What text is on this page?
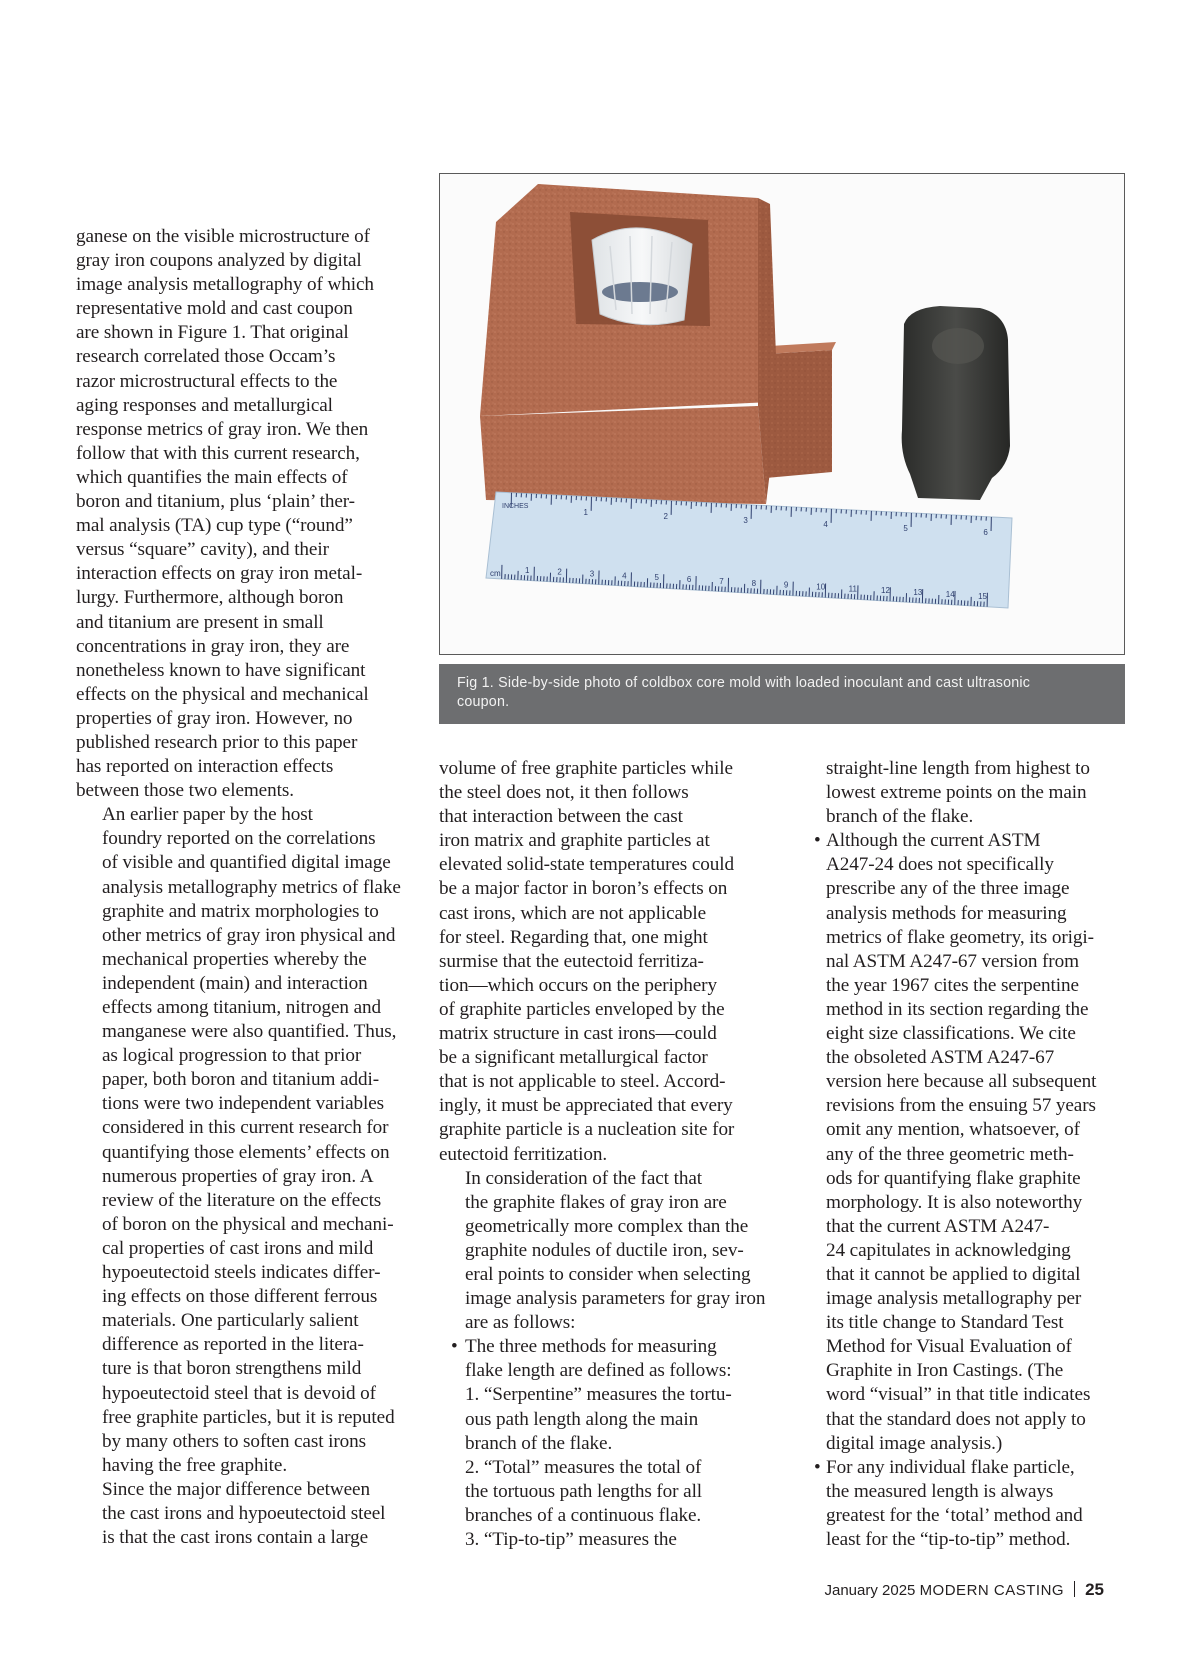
ganese on the visible microstructure of
gray iron coupons analyzed by digital
image analysis metallography of which
representative mold and cast coupon
are shown in Figure 1. That original
research correlated those Occam’s
razor microstructural effects to the
aging responses and metallurgical
response metrics of gray iron. We then
follow that with this current research,
which quantifies the main effects of
boron and titanium, plus ‘plain’ ther-
mal analysis (TA) cup type (“round”
versus “square” cavity), and their
interaction effects on gray iron metal-
lurgy. Furthermore, although boron
and titanium are present in small
concentrations in gray iron, they are
nonetheless known to have significant
effects on the physical and mechanical
properties of gray iron. However, no
published research prior to this paper
has reported on interaction effects
between those two elements.

An earlier paper by the host
foundry reported on the correlations
of visible and quantified digital image
analysis metallography metrics of flake
graphite and matrix morphologies to
other metrics of gray iron physical and
mechanical properties whereby the
independent (main) and interaction
effects among titanium, nitrogen and
manganese were also quantified. Thus,
as logical progression to that prior
paper, both boron and titanium addi-
tions were two independent variables
considered in this current research for
quantifying those elements’ effects on
numerous properties of gray iron. A
review of the literature on the effects
of boron on the physical and mechani-
cal properties of cast irons and mild
hypoeutectoid steels indicates differ-
ing effects on those different ferrous
materials. One particularly salient
difference as reported in the litera-
ture is that boron strengthens mild
hypoeutectoid steel that is devoid of
free graphite particles, but it is reputed
by many others to soften cast irons
having the free graphite.

Since the major difference between
the cast irons and hypoeutectoid steel
is that the cast irons contain a large

INCHES
cm
1	2	3	4	5	6
1	2	3	4	5	6	7	8	9	10	11	12	13	14	15
Fig 1. Side-by-side photo of coldbox core mold with loaded inoculant and cast ultrasonic
coupon.

volume of free graphite particles while
the steel does not, it then follows
that interaction between the cast
iron matrix and graphite particles at
elevated solid-state temperatures could
be a major factor in boron’s effects on
cast irons, which are not applicable
for steel. Regarding that, one might
surmise that the eutectoid ferritiza-
tion—which occurs on the periphery
of graphite particles enveloped by the
matrix structure in cast irons—could
be a significant metallurgical factor
that is not applicable to steel. Accord-
ingly, it must be appreciated that every
graphite particle is a nucleation site for
eutectoid ferritization.

In consideration of the fact that
the graphite flakes of gray iron are
geometrically more complex than the
graphite nodules of ductile iron, sev-
eral points to consider when selecting
image analysis parameters for gray iron
are as follows:

• The three methods for measuring
flake length are defined as follows:
1. “Serpentine” measures the tortu-
ous path length along the main
branch of the flake.
2. “Total” measures the total of
the tortuous path lengths for all
branches of a continuous flake.
3. “Tip-to-tip” measures the

straight-line length from highest to
lowest extreme points on the main
branch of the flake.

• Although the current ASTM
A247-24 does not specifically
prescribe any of the three image
analysis methods for measuring
metrics of flake geometry, its origi-
nal ASTM A247-67 version from
the year 1967 cites the serpentine
method in its section regarding the
eight size classifications. We cite
the obsoleted ASTM A247-67
version here because all subsequent
revisions from the ensuing 57 years
omit any mention, whatsoever, of
any of the three geometric meth-
ods for quantifying flake graphite
morphology. It is also noteworthy
that the current ASTM A247-
24 capitulates in acknowledging
that it cannot be applied to digital
image analysis metallography per
its title change to Standard Test
Method for Visual Evaluation of
Graphite in Iron Castings. (The
word “visual” in that title indicates
that the standard does not apply to
digital image analysis.)
• For any individual flake particle,
the measured length is always
greatest for the ‘total’ method and
least for the “tip-to-tip” method.
January 2025 MODERN CASTING 25
